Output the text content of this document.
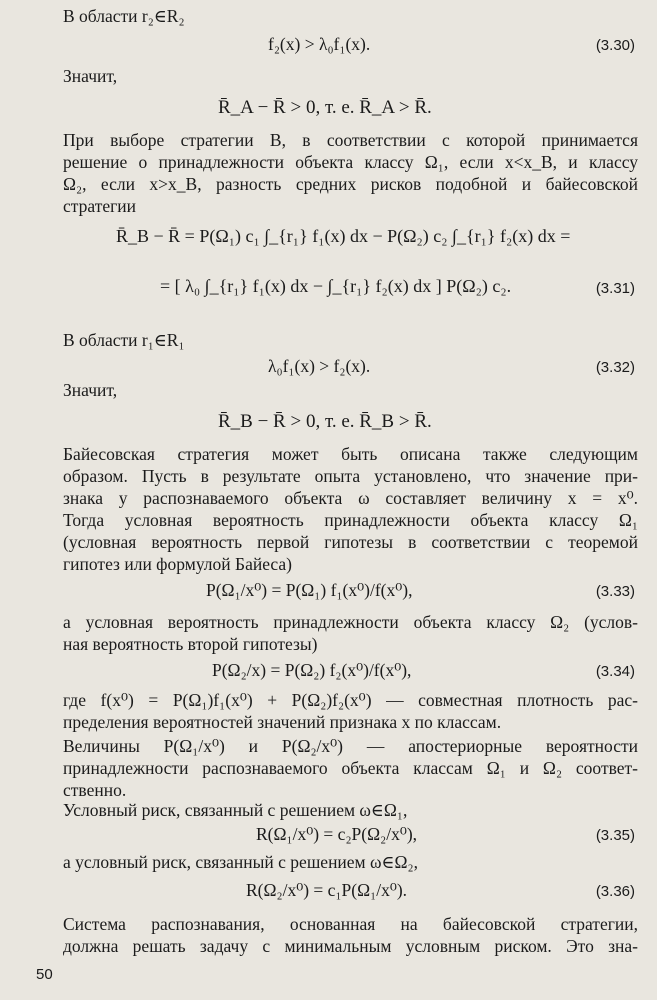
B области r₂∈R₂
f₂(x) > λ₀f₁(x).	(3.30)
Значит,
R̄_A − R̄ > 0, т. е. R̄_A > R̄.
При выборе стратегии B, в соответствии с которой принимается
решение о принадлежности объекта классу Ω₁, если x<x_B, и классу
Ω₂, если x>x_B, разность средних рисков подобной и байесовской
стратегии
R̄_B − R̄ = P(Ω₁) c₁ ∫_{r₁} f₁(x) dx − P(Ω₂) c₂ ∫_{r₁} f₂(x) dx =
= [ λ₀ ∫_{r₁} f₁(x) dx − ∫_{r₁} f₂(x) dx ] P(Ω₂) c₂.	(3.31)
B области r₁∈R₁
λ₀f₁(x) > f₂(x).	(3.32)
Значит,
R̄_B − R̄ > 0, т. е. R̄_B > R̄.
Байесовская стратегия может быть описана также следующим
образом. Пусть в результате опыта установлено, что значение при-
знака у распознаваемого объекта ω составляет величину x = x⁰.
Тогда условная вероятность принадлежности объекта классу Ω₁
(условная вероятность первой гипотезы в соответствии с теоремой
гипотез или формулой Байеса)
P(Ω₁/x⁰) = P(Ω₁) f₁(x⁰)/f(x⁰),	(3.33)
а условная вероятность принадлежности объекта классу Ω₂ (услов-
ная вероятность второй гипотезы)
P(Ω₂/x) = P(Ω₂) f₂(x⁰)/f(x⁰),	(3.34)
где f(x⁰) = P(Ω₁)f₁(x⁰) + P(Ω₂)f₂(x⁰) — совместная плотность рас-
пределения вероятностей значений признака x по классам.
Величины P(Ω₁/x⁰) и P(Ω₂/x⁰) — апостериорные вероятности
принадлежности распознаваемого объекта классам Ω₁ и Ω₂ соответ-
ственно.
Условный риск, связанный с решением ω∈Ω₁,
R(Ω₁/x⁰) = c₂P(Ω₂/x⁰),	(3.35)
а условный риск, связанный с решением ω∈Ω₂,
R(Ω₂/x⁰) = c₁P(Ω₁/x⁰).	(3.36)
Система распознавания, основанная на байесовской стратегии,
должна решать задачу с минимальным условным риском. Это зна-
50
